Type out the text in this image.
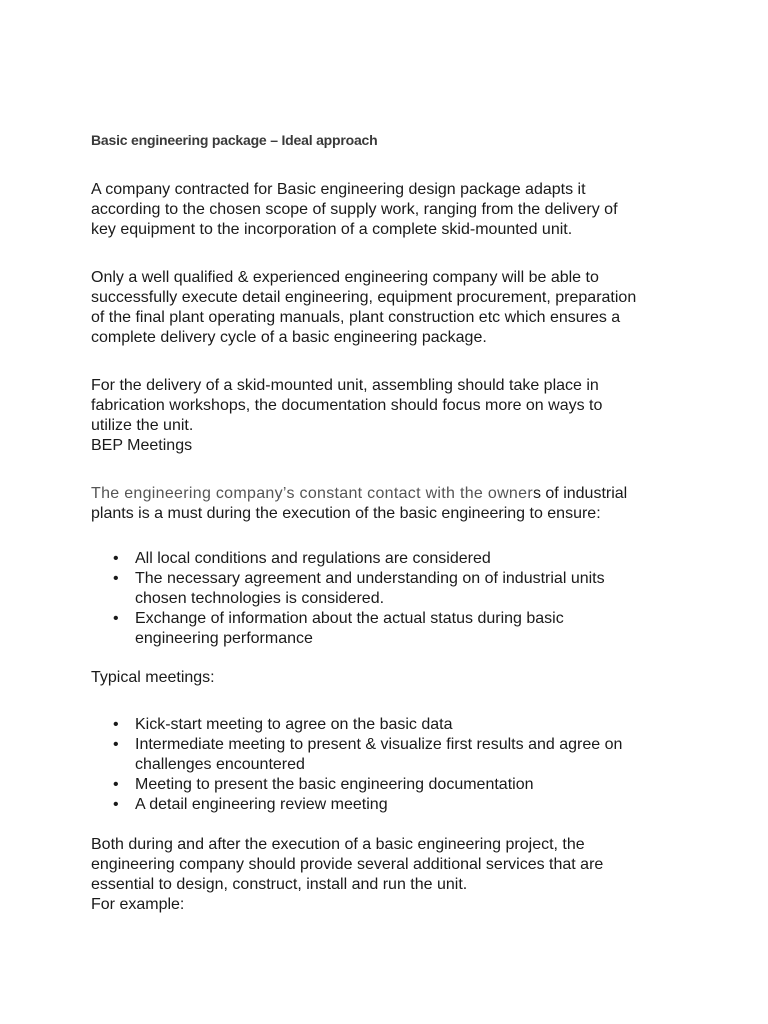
Basic engineering package – Ideal approach
A company contracted for Basic engineering design package adapts it
according to the chosen scope of supply work, ranging from the delivery of
key equipment to the incorporation of a complete skid-mounted unit.
Only a well qualified & experienced engineering company will be able to
successfully execute detail engineering, equipment procurement, preparation
of the final plant operating manuals, plant construction etc which ensures a
complete delivery cycle of a basic engineering package.
For the delivery of a skid-mounted unit, assembling should take place in
fabrication workshops, the documentation should focus more on ways to
utilize the unit.
BEP Meetings
The engineering company’s constant contact with the owners of industrial
plants is a must during the execution of the basic engineering to ensure:
• All local conditions and regulations are considered
• The necessary agreement and understanding on of industrial units
chosen technologies is considered.
• Exchange of information about the actual status during basic
engineering performance
Typical meetings:
• Kick-start meeting to agree on the basic data
• Intermediate meeting to present & visualize first results and agree on
challenges encountered
• Meeting to present the basic engineering documentation
• A detail engineering review meeting
Both during and after the execution of a basic engineering project, the
engineering company should provide several additional services that are
essential to design, construct, install and run the unit.
For example:
